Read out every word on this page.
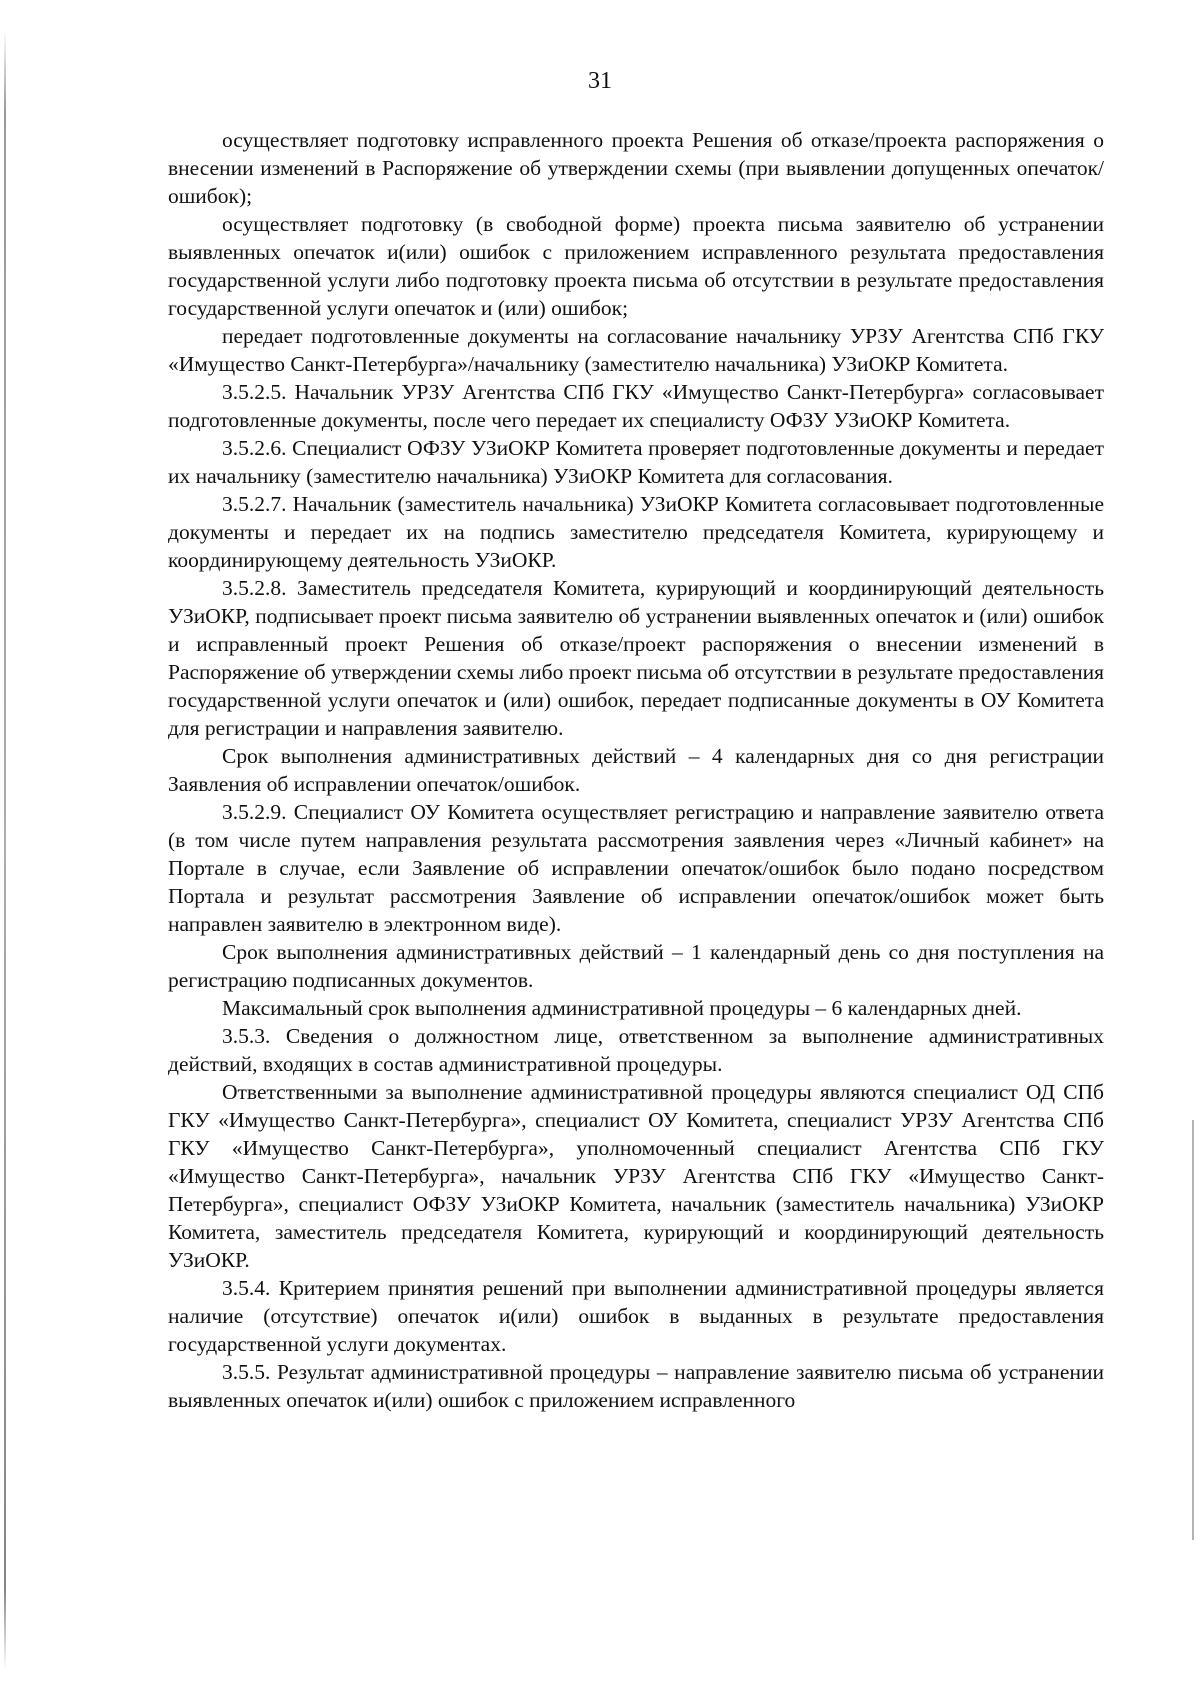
31

осуществляет подготовку исправленного проекта Решения об отказе/проекта распоряжения о внесении изменений в Распоряжение об утверждении схемы (при выявлении допущенных опечаток/ошибок);

осуществляет подготовку (в свободной форме) проекта письма заявителю об устранении выявленных опечаток и(или) ошибок с приложением исправленного результата предоставления государственной услуги либо подготовку проекта письма об отсутствии в результате предоставления государственной услуги опечаток и (или) ошибок;

передает подготовленные документы на согласование начальнику УРЗУ Агентства СПб ГКУ «Имущество Санкт-Петербурга»/начальнику (заместителю начальника) УЗиОКР Комитета.

3.5.2.5. Начальник УРЗУ Агентства СПб ГКУ «Имущество Санкт-Петербурга» согласовывает подготовленные документы, после чего передает их специалисту ОФЗУ УЗиОКР Комитета.

3.5.2.6. Специалист ОФЗУ УЗиОКР Комитета проверяет подготовленные документы и передает их начальнику (заместителю начальника) УЗиОКР Комитета для согласования.

3.5.2.7. Начальник (заместитель начальника) УЗиОКР Комитета согласовывает подготовленные документы и передает их на подпись заместителю председателя Комитета, курирующему и координирующему деятельность УЗиОКР.

3.5.2.8. Заместитель председателя Комитета, курирующий и координирующий деятельность УЗиОКР, подписывает проект письма заявителю об устранении выявленных опечаток и (или) ошибок и исправленный проект Решения об отказе/проект распоряжения о внесении изменений в Распоряжение об утверждении схемы либо проект письма об отсутствии в результате предоставления государственной услуги опечаток и (или) ошибок, передает подписанные документы в ОУ Комитета для регистрации и направления заявителю.

Срок выполнения административных действий – 4 календарных дня со дня регистрации Заявления об исправлении опечаток/ошибок.

3.5.2.9. Специалист ОУ Комитета осуществляет регистрацию и направление заявителю ответа (в том числе путем направления результата рассмотрения заявления через «Личный кабинет» на Портале в случае, если Заявление об исправлении опечаток/ошибок было подано посредством Портала и результат рассмотрения Заявление об исправлении опечаток/ошибок может быть направлен заявителю в электронном виде).

Срок выполнения административных действий – 1 календарный день со дня поступления на регистрацию подписанных документов.

Максимальный срок выполнения административной процедуры – 6 календарных дней.

3.5.3. Сведения о должностном лице, ответственном за выполнение административных действий, входящих в состав административной процедуры.

Ответственными за выполнение административной процедуры являются специалист ОД СПб ГКУ «Имущество Санкт-Петербурга», специалист ОУ Комитета, специалист УРЗУ Агентства СПб ГКУ «Имущество Санкт-Петербурга», уполномоченный специалист Агентства СПб ГКУ «Имущество Санкт-Петербурга», начальник УРЗУ Агентства СПб ГКУ «Имущество Санкт-Петербурга», специалист ОФЗУ УЗиОКР Комитета, начальник (заместитель начальника) УЗиОКР Комитета, заместитель председателя Комитета, курирующий и координирующий деятельность УЗиОКР.

3.5.4. Критерием принятия решений при выполнении административной процедуры является наличие (отсутствие) опечаток и(или) ошибок в выданных в результате предоставления государственной услуги документах.

3.5.5. Результат административной процедуры – направление заявителю письма об устранении выявленных опечаток и(или) ошибок с приложением исправленного
